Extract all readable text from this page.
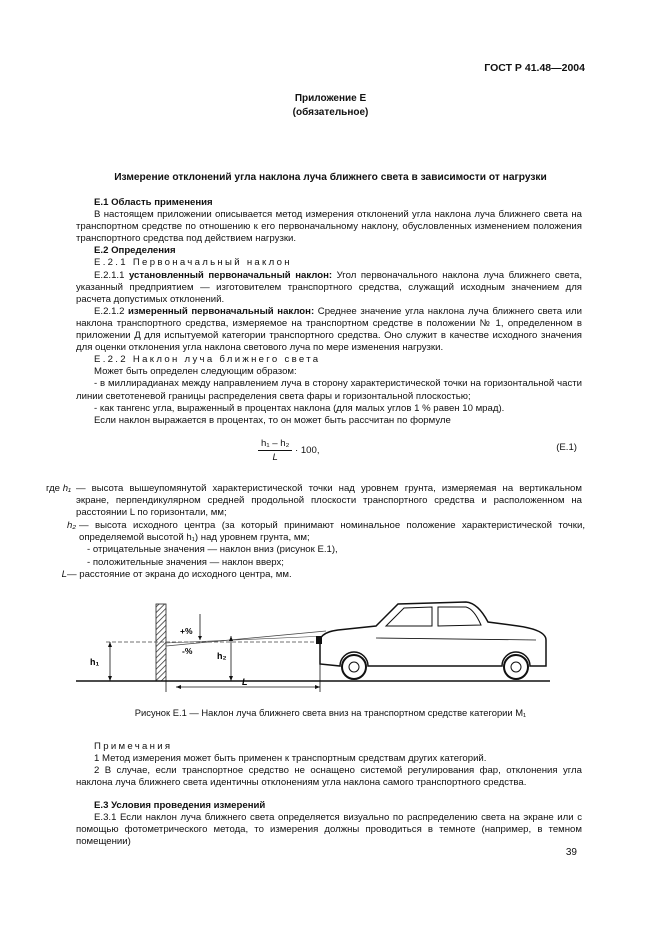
ГОСТ Р 41.48—2004
Приложение Е
(обязательное)
Измерение отклонений угла наклона луча ближнего света в зависимости от нагрузки

Е.1 Область применения

В настоящем приложении описывается метод измерения отклонений угла наклона луча ближнего света на транспортном средстве по отношению к его первоначальному наклону, обусловленных изменением положения транспортного средства под действием нагрузки.

Е.2 Определения

Е.2.1 Первоначальный наклон

Е.2.1.1 установленный первоначальный наклон: Угол первоначального наклона луча ближнего света, указанный предприятием — изготовителем транспортного средства, служащий исходным значением для расчета допустимых отклонений.

Е.2.1.2 измеренный первоначальный наклон: Среднее значение угла наклона луча ближнего света или наклона транспортного средства, измеряемое на транспортном средстве в положении № 1, определенном в приложении Д для испытуемой категории транспортного средства. Оно служит в качестве исходного значения для оценки отклонения угла наклона светового луча по мере изменения нагрузки.

Е.2.2 Наклон луча ближнего света

Может быть определен следующим образом:

- в миллирадианах между направлением луча в сторону характеристической точки на горизонтальной части линии светотеневой границы распределения света фары и горизонтальной плоскостью;

- как тангенс угла, выраженный в процентах наклона (для малых углов 1 % равен 10 мрад).

Если наклон выражается в процентах, то он может быть рассчитан по формуле

$\frac{\text{h₁ – h₂}}{L} \cdot 100$,	(Е.1)
где h₁ — высота вышеупомянутой характеристической точки над уровнем грунта, измеряемая на вертикальном экране, перпендикулярном средней продольной плоскости транспортного средства и расположенном на расстоянии L по горизонтали, мм;
h₂ — высота исходного центра (за который принимают номинальное положение характеристической точки, определяемой высотой h₁) над уровнем грунта, мм;
- отрицательные значения — наклон вниз (рисунок Е.1),
- положительные значения — наклон вверх;
L — расстояние от экрана до исходного центра, мм.
h₁
h₂
+%
-%
L
Рисунок Е.1 — Наклон луча ближнего света вниз на транспортном средстве категории M₁

Примечания

1 Метод измерения может быть применен к транспортным средствам других категорий.

2 В случае, если транспортное средство не оснащено системой регулирования фар, отклонения угла наклона луча ближнего света идентичны отклонениям угла наклона самого транспортного средства.

Е.3 Условия проведения измерений

Е.3.1 Если наклон луча ближнего света определяется визуально по распределению света на экране или с помощью фотометрического метода, то измерения должны проводиться в темноте (например, в темном помещении)

39
